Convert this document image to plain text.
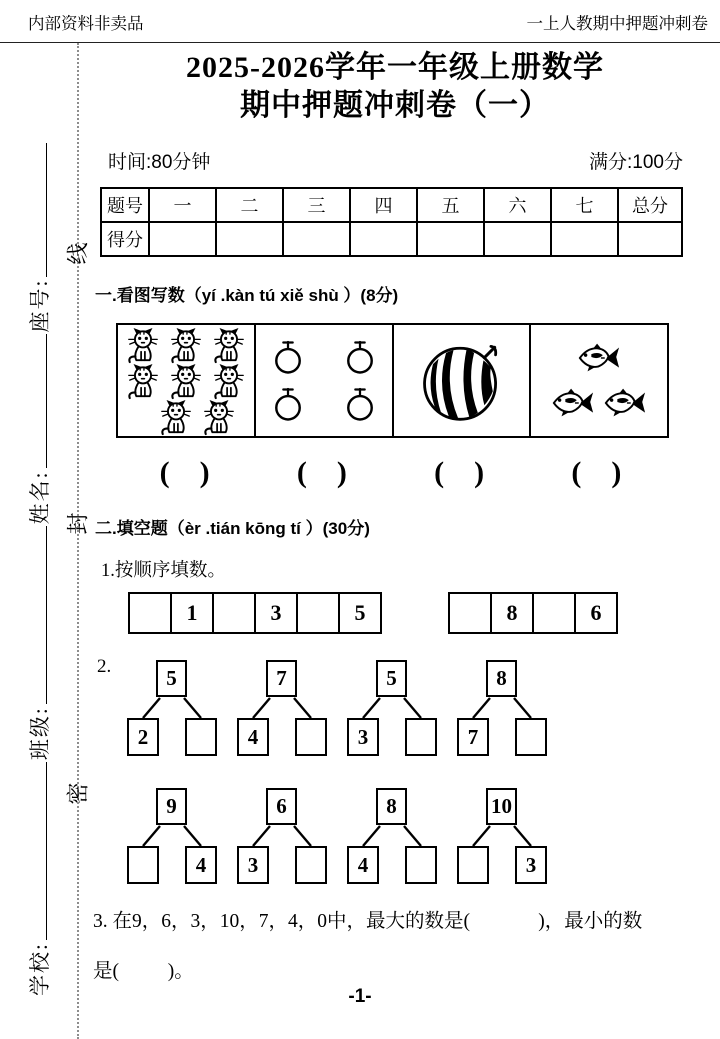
内部资料非卖品	一上人教期中押题冲刺卷
学校:
班级:
姓名:
座号:
线
封
密
2025-2026学年一年级上册数学
期中押题冲刺卷（一）
时间:80分钟	满分:100分
题号	一	二	三	四	五	六	七	总分
得分								
一.看图写数（yí .kàn tú xiě shù ）(8分)
( )	( )	( )	( )
二.填空题（èr .tián kōng tí ）(30分)
1.按顺序填数。
1	3	5	8	6
2.	5
2
7
4
5
3
8
7
9
4
6
3
8
4
10
3
3. 在9，6，3，10，7，4，0中，最大的数是(              )，最小的数
是(          )。
-1-
